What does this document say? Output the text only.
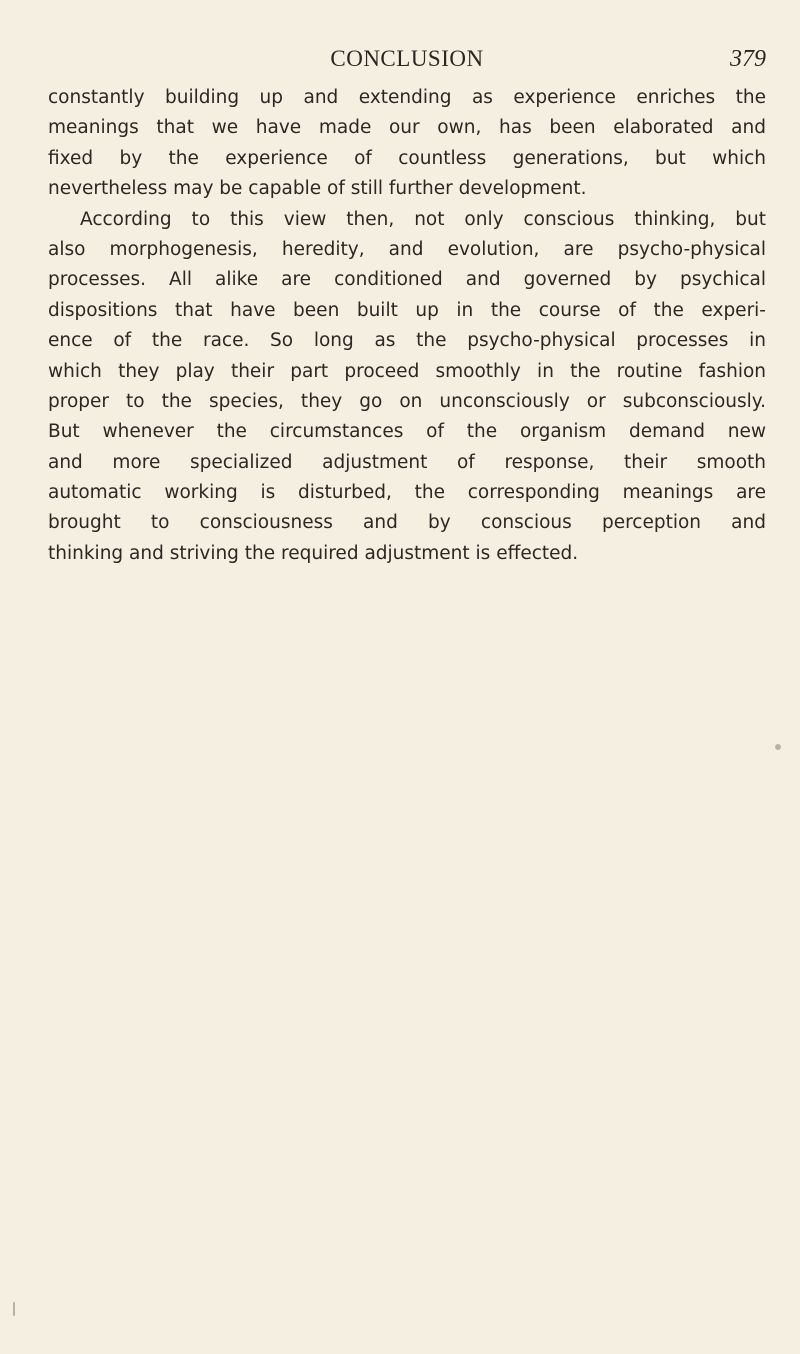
CONCLUSION	379
constantly building up and extending as experience enriches the
meanings that we have made our own, has been elaborated and
fixed by the experience of countless generations, but which
nevertheless may be capable of still further development.
According to this view then, not only conscious thinking, but
also morphogenesis, heredity, and evolution, are psycho-physical
processes. All alike are conditioned and governed by psychical
dispositions that have been built up in the course of the experi-
ence of the race. So long as the psycho-physical processes in
which they play their part proceed smoothly in the routine fashion
proper to the species, they go on unconsciously or subconsciously.
But whenever the circumstances of the organism demand new
and more specialized adjustment of response, their smooth
automatic working is disturbed, the corresponding meanings are
brought to consciousness and by conscious perception and
thinking and striving the required adjustment is effected.
